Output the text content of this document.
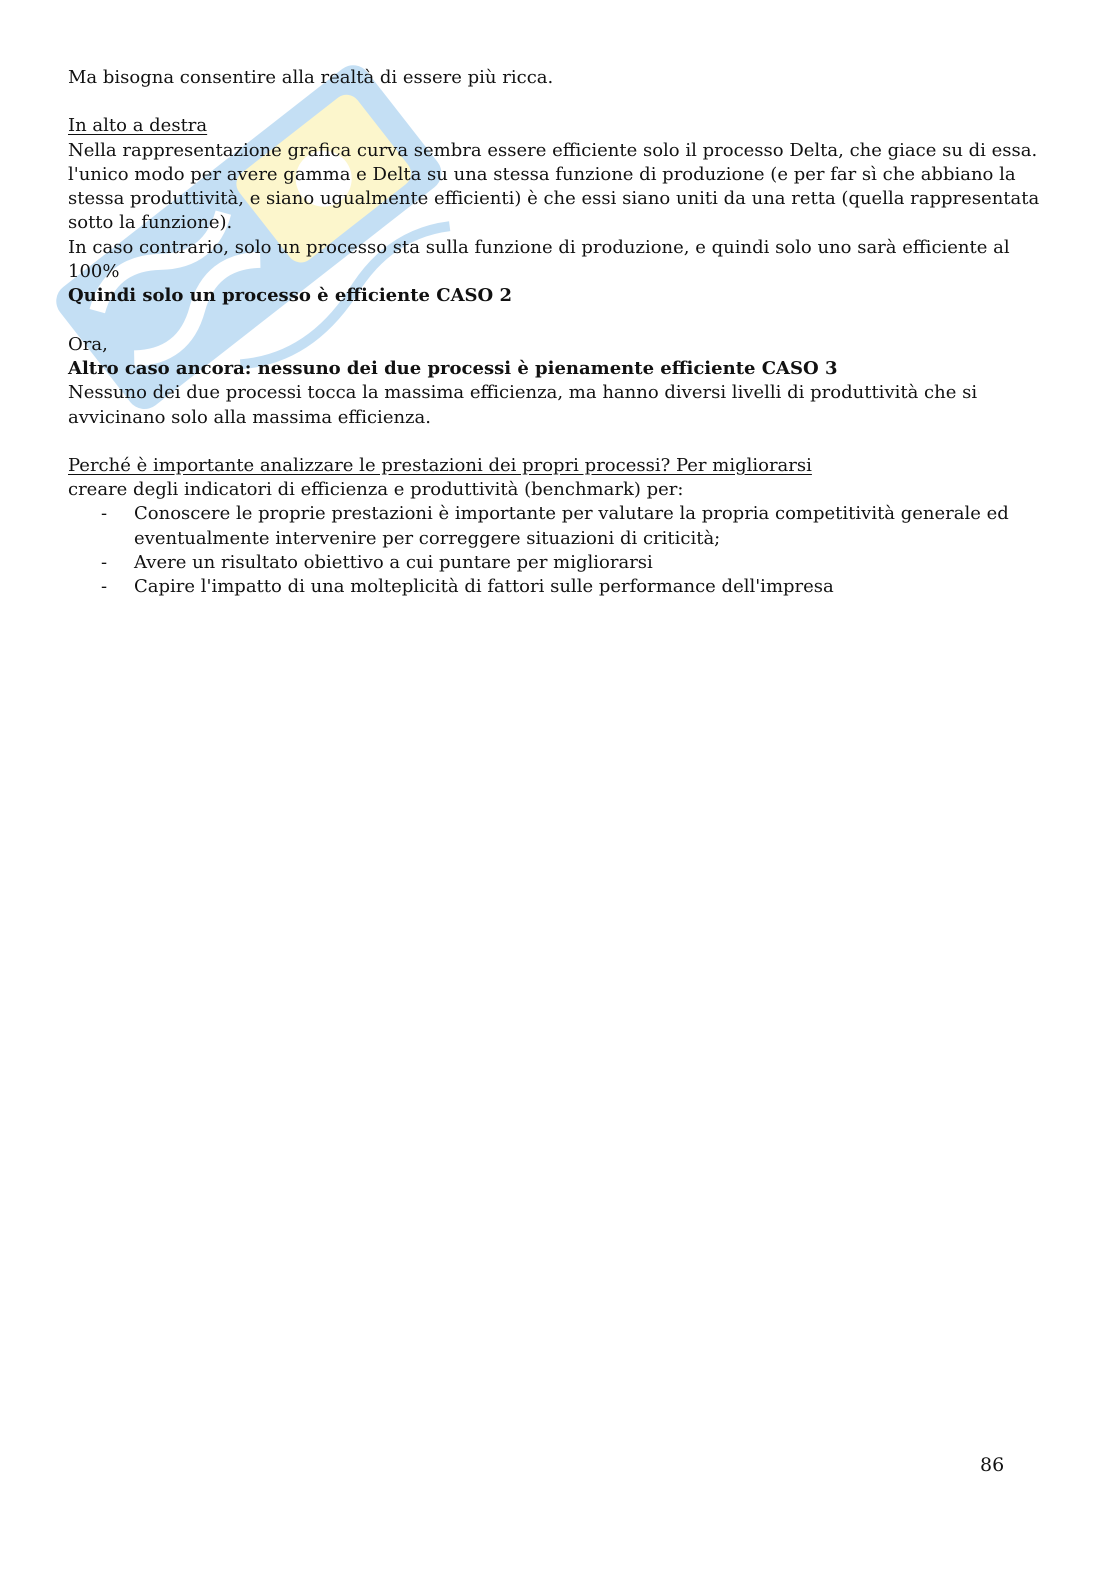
Ma bisogna consentire alla realtà di essere più ricca.

In alto a destra

Nella rappresentazione grafica curva sembra essere efficiente solo il processo Delta, che giace su di essa. l'unico modo per avere gamma e Delta su una stessa funzione di produzione (e per far sì che abbiano la stessa produttività, e siano ugualmente efficienti) è che essi siano uniti da una retta (quella rappresentata sotto la funzione).

In caso contrario, solo un processo sta sulla funzione di produzione, e quindi solo uno sarà efficiente al 100%

Quindi solo un processo è efficiente CASO 2

Ora,

Altro caso ancora: nessuno dei due processi è pienamente efficiente CASO 3

Nessuno dei due processi tocca la massima efficienza, ma hanno diversi livelli di produttività che si avvicinano solo alla massima efficienza.

Perché è importante analizzare le prestazioni dei propri processi? Per migliorarsi

creare degli indicatori di efficienza e produttività (benchmark) per:

- Conoscere le proprie prestazioni è importante per valutare la propria competitività generale ed eventualmente intervenire per correggere situazioni di criticità;
- Avere un risultato obiettivo a cui puntare per migliorarsi
- Capire l'impatto di una molteplicità di fattori sulle performance dell'impresa
86
